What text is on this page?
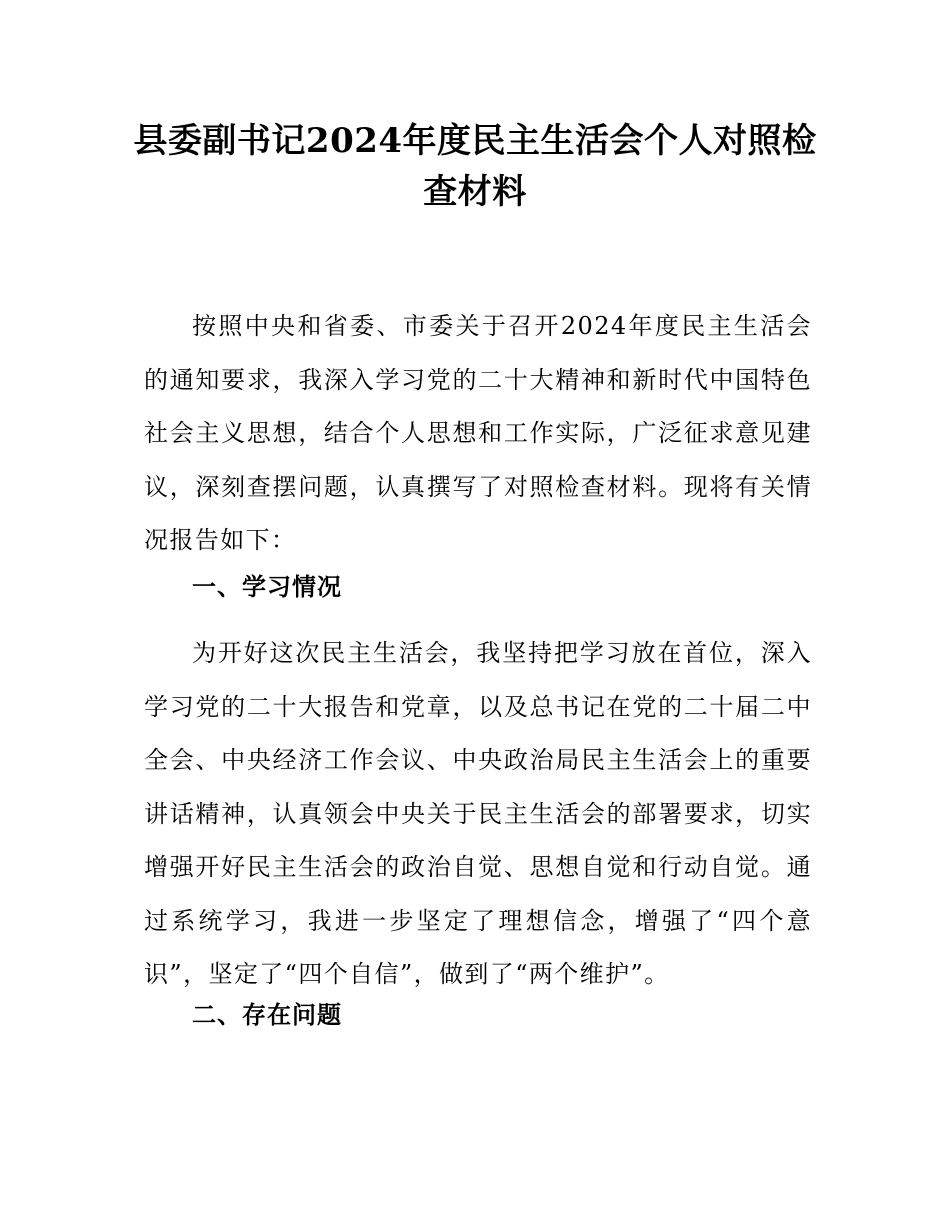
县委副书记2024年度民主生活会个人对照检
查材料

按照中央和省委、市委关于召开2024年度民主生活会的通知要求，我深入学习党的二十大精神和新时代中国特色社会主义思想，结合个人思想和工作实际，广泛征求意见建议，深刻查摆问题，认真撰写了对照检查材料。现将有关情况报告如下：

一、学习情况

为开好这次民主生活会，我坚持把学习放在首位，深入学习党的二十大报告和党章，以及总书记在党的二十届二中全会、中央经济工作会议、中央政治局民主生活会上的重要讲话精神，认真领会中央关于民主生活会的部署要求，切实增强开好民主生活会的政治自觉、思想自觉和行动自觉。通过系统学习，我进一步坚定了理想信念，增强了“四个意识”，坚定了“四个自信”，做到了“两个维护”。

二、存在问题
